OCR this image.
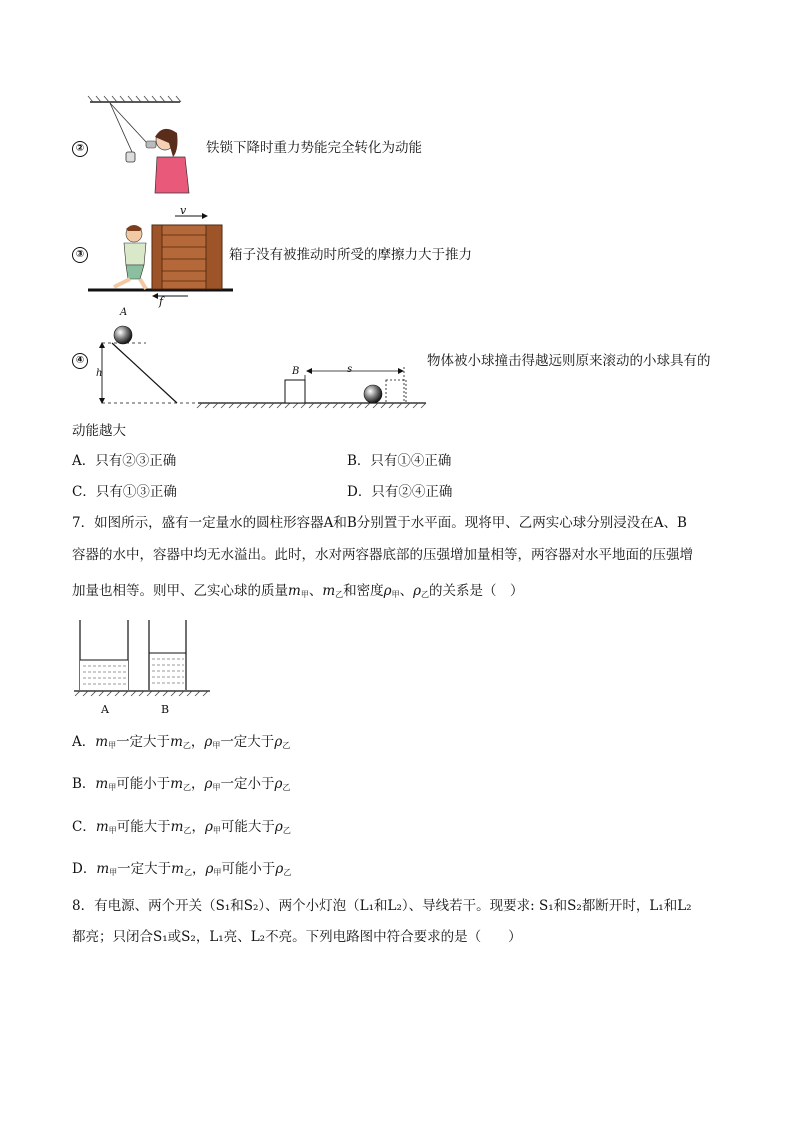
②	铁锁下降时重力势能完全转化为动能
v
f
③	箱子没有被推动时所受的摩擦力大于推力
A
h	B	s
④	物体被小球撞击得越远则原来滚动的小球具有的
动能越大
A．只有②③正确	B．只有①④正确
C．只有①③正确	D．只有②④正确
7．如图所示，盛有一定量水的圆柱形容器A和B分别置于水平面。现将甲、乙两实心球分别浸没在A、B
容器的水中，容器中均无水溢出。此时，水对两容器底部的压强增加量相等，两容器对水平地面的压强增
加量也相等。则甲、乙实心球的质量$m_甲$、$m_乙$和密度$\rho_甲$、$\rho_乙$的关系是（　）
A	B
A．$m_甲$一定大于$m_乙$，$\rho_甲$一定大于$\rho_乙$
B．$m_甲$可能小于$m_乙$，$\rho_甲$一定小于$\rho_乙$
C．$m_甲$可能大于$m_乙$，$\rho_甲$可能大于$\rho_乙$
D．$m_甲$一定大于$m_乙$，$\rho_甲$可能小于$\rho_乙$
8．有电源、两个开关（S₁和S₂）、两个小灯泡（L₁和L₂）、导线若干。现要求: S₁和S₂都断开时，L₁和L₂
都亮；只闭合S₁或S₂，L₁亮、L₂不亮。下列电路图中符合要求的是（　　）
